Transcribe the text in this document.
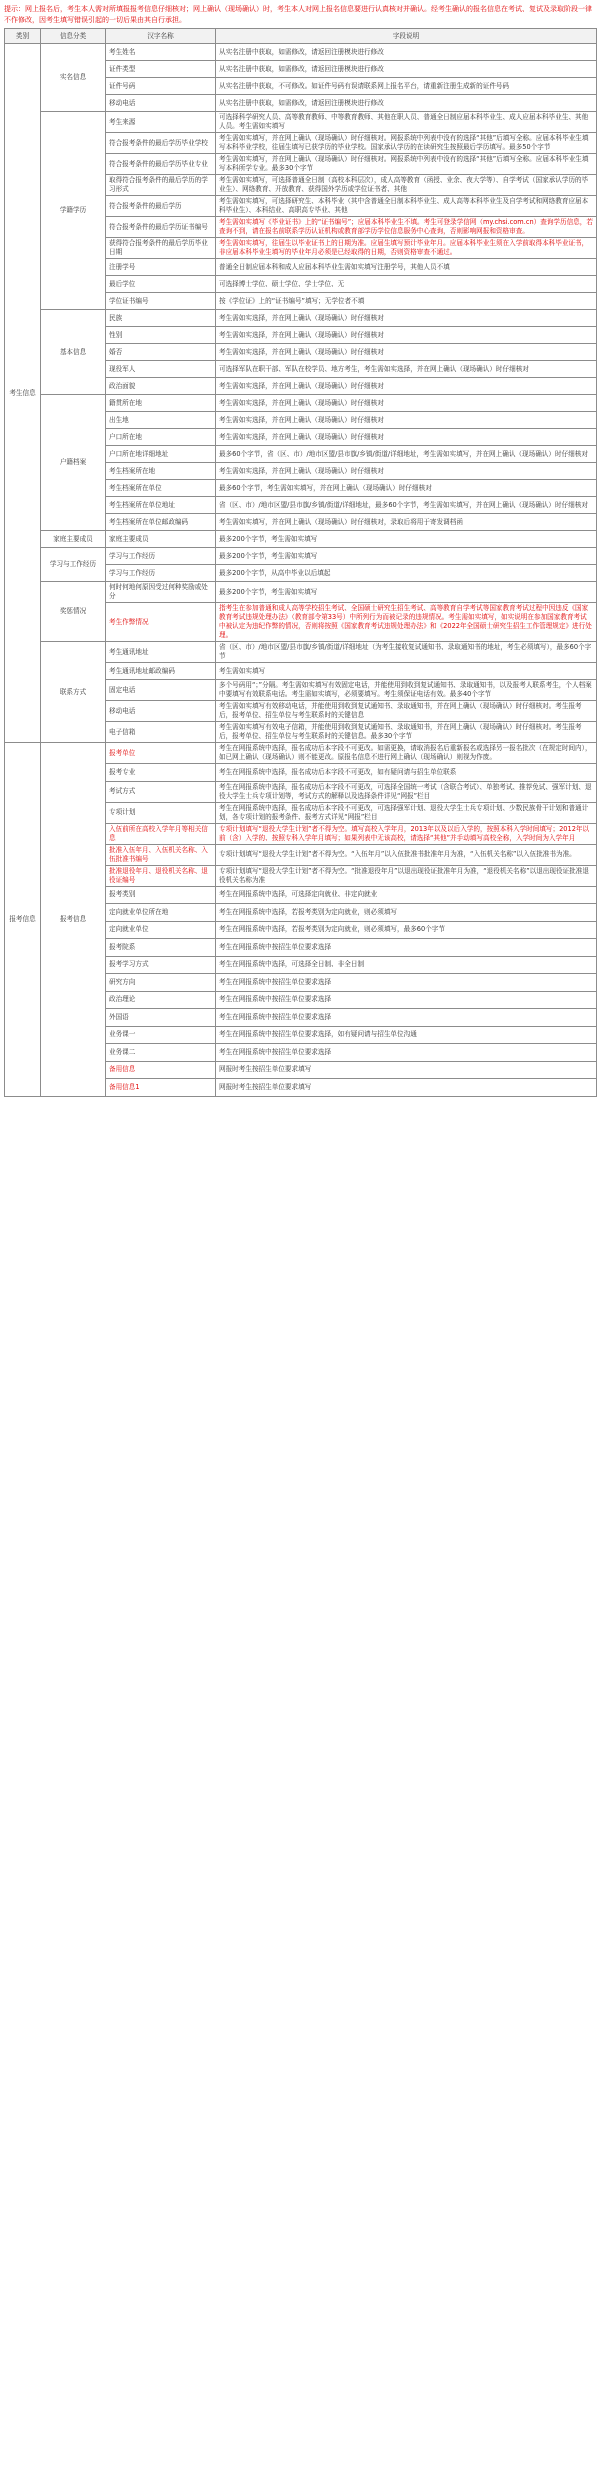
提示：网上报名后，考生本人需对所填报报考信息仔细核对；网上确认（现场确认）时，考生本人对网上报名信息要进行认真核对并确认。经考生确认的报名信息在考试、复试及录取阶段一律不作修改，因考生填写错误引起的一切后果由其自行承担。
类别	信息分类	汉字名称	字段说明
考生信息	实名信息	考生姓名	从实名注册中获取，如需修改，请返回注册模块进行修改
		证件类型	从实名注册中获取，如需修改，请返回注册模块进行修改
		证件号码	从实名注册中获取，不可修改。如证件号码有误请联系网上报名平台，请重新注册生成新的证件号码
		移动电话	从实名注册中获取，如需修改，请返回注册模块进行修改
	学籍学历	考生来源	可选择科学研究人员、高等教育教师、中等教育教师、其他在职人员、普通全日制应届本科毕业生、成人应届本科毕业生、其他人员。考生需如实填写
		符合报考条件的最后学历毕业学校	考生需如实填写，并在网上确认（现场确认）时仔细核对。网报系统中列表中没有的选择“其他”后填写全称。应届本科毕业生填写本科毕业学校，往届生填写已获学历的毕业学校。国家承认学历的在读研究生按照最后学历填写。最多50个字节
		符合报考条件的最后学历毕业专业	考生需如实填写，并在网上确认（现场确认）时仔细核对。网报系统中列表中没有的选择“其他”后填写全称。应届本科毕业生填写本科所学专业。最多30个字节
		取得符合报考条件的最后学历的学习形式	考生需如实填写，可选择普通全日制（高校本科层次），成人高等教育（函授、业余、夜大学等）、自学考试（国家承认学历的毕业生）、网络教育、开放教育、获得国外学历或学位证书者、其他
		符合报考条件的最后学历	考生需如实填写，可选择研究生、本科毕业（其中含普通全日制本科毕业生、成人高等本科毕业生及自学考试和网络教育应届本科毕业生）、本科结业、高职高专毕业、其他
		符合报考条件的最后学历证书编号	考生需如实填写《毕业证书》上的“证书编号”；应届本科毕业生不填。考生可登录学信网（my.chsi.com.cn）查询学历信息，若查询不到，请在报名前联系学历认证机构或教育部学历学位信息服务中心查询，否则影响网报和资格审查。
		获得符合报考条件的最后学历毕业日期	考生需如实填写，往届生以毕业证书上的日期为准。应届生填写预计毕业年月。应届本科毕业生须在入学前取得本科毕业证书，非应届本科毕业生填写的毕业年月必须是已经取得的日期，否则资格审查不通过。
		注册学号	普通全日制应届本科和成人应届本科毕业生需如实填写注册学号，其他人员不填
		最后学位	可选择博士学位、硕士学位、学士学位、无
		学位证书编号	按《学位证》上的“证书编号”填写；无学位者不填
	基本信息	民族	考生需如实选择，并在网上确认（现场确认）时仔细核对
		性别	考生需如实选择，并在网上确认（现场确认）时仔细核对
		婚否	考生需如实选择，并在网上确认（现场确认）时仔细核对
		现役军人	可选择军队在职干部、军队在校学员、地方考生，考生需如实选择，并在网上确认（现场确认）时仔细核对
		政治面貌	考生需如实选择，并在网上确认（现场确认）时仔细核对
	户籍档案	籍贯所在地	考生需如实选择，并在网上确认（现场确认）时仔细核对
		出生地	考生需如实选择，并在网上确认（现场确认）时仔细核对
		户口所在地	考生需如实选择，并在网上确认（现场确认）时仔细核对
		户口所在地详细地址	最多60个字节，省（区、市）/地市区盟/县市旗/乡镇/街道/详细地址，考生需如实填写，并在网上确认（现场确认）时仔细核对
		考生档案所在地	考生需如实选择，并在网上确认（现场确认）时仔细核对
		考生档案所在单位	最多60个字节，考生需如实填写，并在网上确认（现场确认）时仔细核对
		考生档案所在单位地址	省（区、市）/地市区盟/县市旗/乡镇/街道/详细地址，最多60个字节，考生需如实填写，并在网上确认（现场确认）时仔细核对
		考生档案所在单位邮政编码	考生需如实填写，并在网上确认（现场确认）时仔细核对，录取后将用于寄发调档函
	家庭主要成员	家庭主要成员	最多200个字节，考生需如实填写
	学习与工作经历	学习与工作经历	最多200个字节，考生需如实填写
		学习与工作经历	最多200个字节，从高中毕业以后填起
	奖惩情况	何时何地何原因受过何种奖励或处分	最多200个字节，考生需如实填写
		考生作弊情况	指考生在参加普通和成人高等学校招生考试、全国硕士研究生招生考试、高等教育自学考试等国家教育考试过程中因违反《国家教育考试违规处理办法》（教育部令第33号）中所列行为而被记录的违规情况。考生需如实填写，如实说明在参加国家教育考试中被认定为违纪作弊的情况，否则将按照《国家教育考试违规处理办法》和《2022年全国硕士研究生招生工作管理规定》进行处理。
	联系方式	考生通讯地址	省（区、市）/地市区盟/县市旗/乡镇/街道/详细地址（为考生接收复试通知书、录取通知书的地址，考生必须填写），最多60个字节
		考生通讯地址邮政编码	考生需如实填写
		固定电话	多个号码用“；”分隔。考生需如实填写有效固定电话，并能使用到收到复试通知书、录取通知书，以及报考人联系考生，个人档案中要填写有效联系电话。考生需如实填写，必须要填写。考生须保证电话有效。最多40个字节
		移动电话	考生需如实填写有效移动电话，并能使用到收到复试通知书、录取通知书，并在网上确认（现场确认）时仔细核对。考生报考后，报考单位、招生单位与考生联系时的关键信息
		电子信箱	考生需如实填写有效电子信箱，并能使用到收到复试通知书、录取通知书，并在网上确认（现场确认）时仔细核对。考生报考后，报考单位、招生单位与考生联系时的关键信息。最多30个字节
报考信息	报考信息	报考单位	考生在网报系统中选择，报名成功后本字段不可更改。如需更换，请取消报名后重新报名或选择另一报名批次（在规定时间内），如已网上确认（现场确认）则不能更改。原报名信息不进行网上确认（现场确认）则视为作废。
		报考专业	考生在网报系统中选择，报名成功后本字段不可更改，如有疑问请与招生单位联系
		考试方式	考生在网报系统中选择，报名成功后本字段不可更改，可选择全国统一考试（含联合考试）、单独考试、推荐免试、强军计划、退役大学生士兵专项计划等，考试方式的解释以及选择条件详见“网报”栏目
		专项计划	考生在网报系统中选择，报名成功后本字段不可更改，可选择强军计划、退役大学生士兵专项计划、少数民族骨干计划和普通计划，各专项计划的报考条件、报考方式详见“网报”栏目
		入伍前所在高校入学年月等相关信息	专项计划填写“退役大学生计划”者不得为空。填写高校入学年月，2013年以及以后入学的，按照本科入学时间填写；2012年以前（含）入学的、按照专科入学年月填写；如果列表中无该高校，请选择“其他”并手动填写高校全称，入学时间为入学年月
		批准入伍年月、入伍机关名称、入伍批准书编号	专项计划填写“退役大学生计划”者不得为空。“入伍年月”以入伍批准书批准年月为准，“入伍机关名称”以入伍批准书为准。
		批准退役年月、退役机关名称、退役证编号	专项计划填写“退役大学生计划”者不得为空。“批准退役年月”以退出现役证批准年月为准，“退役机关名称”以退出现役证批准退役机关名称为准
		报考类别	考生在网报系统中选择，可选择定向就业、非定向就业
		定向就业单位所在地	考生在网报系统中选择，若报考类别为定向就业，则必须填写
		定向就业单位	考生在网报系统中选择，若报考类别为定向就业，则必须填写，最多60个字节
		报考院系	考生在网报系统中按招生单位要求选择
		报考学习方式	考生在网报系统中选择，可选择全日制、非全日制
		研究方向	考生在网报系统中按招生单位要求选择
		政治理论	考生在网报系统中按招生单位要求选择
		外国语	考生在网报系统中按招生单位要求选择
		业务课一	考生在网报系统中按招生单位要求选择，如有疑问请与招生单位沟通
		业务课二	考生在网报系统中按招生单位要求选择
		备用信息	网报时考生按招生单位要求填写
		备用信息1	网报时考生按招生单位要求填写
